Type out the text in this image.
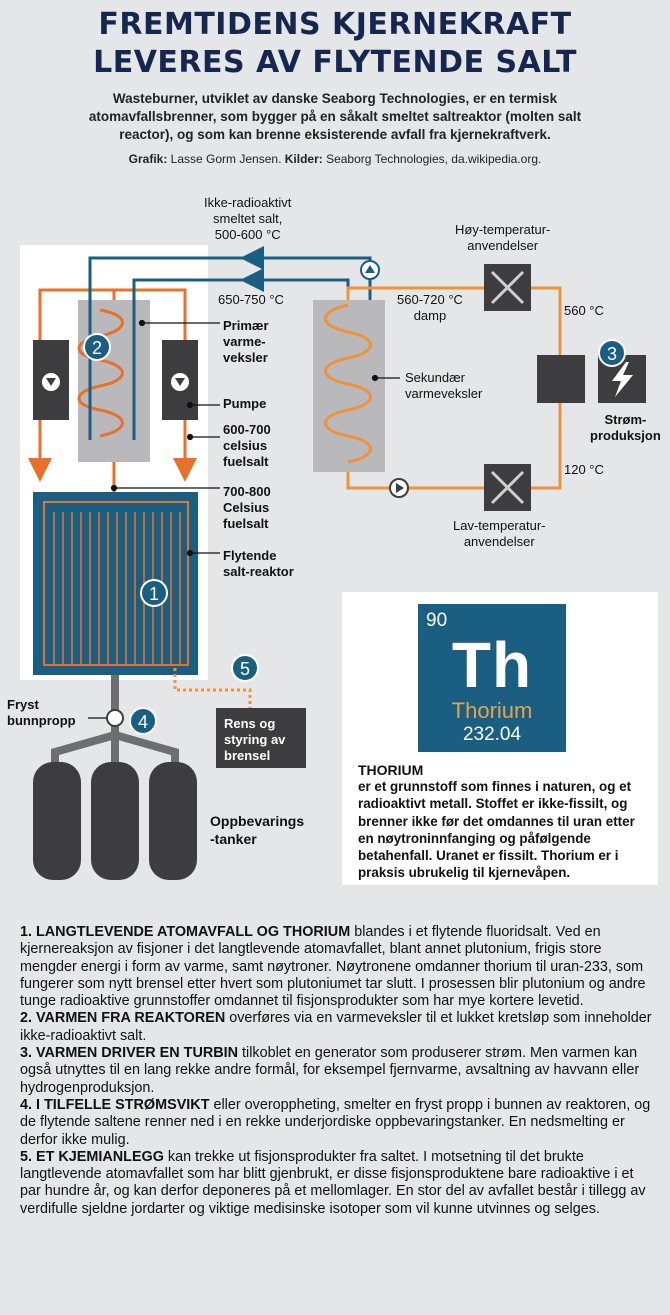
FREMTIDENS KJERNEKRAFT
LEVERES AV FLYTENDE SALT
Wasteburner, utviklet av danske Seaborg Technologies, er en termisk atomavfallsbrenner, som bygger på en såkalt smeltet saltreaktor (molten salt reactor), og som kan brenne eksisterende avfall fra kjernekraftverk.
Grafik: Lasse Gorm Jensen. Kilder: Seaborg Technologies, da.wikipedia.org.
1
2	3
4
5
Ikke-radioaktivt
smeltet salt,
500-600 °C
650-750 °C
Primær
varme-
veksler
Pumpe
600-700
celsius
fuelsalt
700-800
Celsius
fuelsalt
Flytende
salt-reaktor
Høy-temperatur-
anvendelser
560-720 °C
damp	560 °C
Sekundær
varmeveksler
Strøm-
produksjon
120 °C
Lav-temperatur-
anvendelser
Rens og
styring av
brensel
Fryst
bunnpropp
Oppbevarings
-tanker
90
Th
Thorium
232.04
THORIUM
er et grunnstoff som finnes i naturen, og et radioaktivt metall. Stoffet er ikke-fissilt, og brenner ikke før det omdannes til uran etter en nøytroninnfanging og påfølgende betahenfall. Uranet er fissilt. Thorium er i praksis ubrukelig til kjernevåpen.

1. LANGTLEVENDE ATOMAVFALL OG THORIUM blandes i et flytende fluoridsalt. Ved en kjernereaksjon av fisjoner i det langtlevende atomavfallet, blant annet plutonium, frigis store mengder energi i form av varme, samt nøytroner. Nøytronene omdanner thorium til uran-233, som fungerer som nytt brensel etter hvert som plutoniumet tar slutt. I prosessen blir plutonium og andre tunge radioaktive grunnstoffer omdannet til fisjonsprodukter som har mye kortere levetid.

2. VARMEN FRA REAKTOREN overføres via en varmeveksler til et lukket kretsløp som inneholder ikke-radioaktivt salt.

3. VARMEN DRIVER EN TURBIN tilkoblet en generator som produserer strøm. Men varmen kan også utnyttes til en lang rekke andre formål, for eksempel fjernvarme, avsaltning av havvann eller hydrogenproduksjon.

4. I TILFELLE STRØMSVIKT eller overoppheting, smelter en fryst propp i bunnen av reaktoren, og de flytende saltene renner ned i en rekke underjordiske oppbevaringstanker. En nedsmelting er derfor ikke mulig.

5. ET KJEMIANLEGG kan trekke ut fisjonsprodukter fra saltet. I motsetning til det brukte langtlevende atomavfallet som har blitt gjenbrukt, er disse fisjonsproduktene bare radioaktive i et par hundre år, og kan derfor deponeres på et mellomlager. En stor del av avfallet består i tillegg av verdifulle sjeldne jordarter og viktige medisinske isotoper som vil kunne utvinnes og selges.
